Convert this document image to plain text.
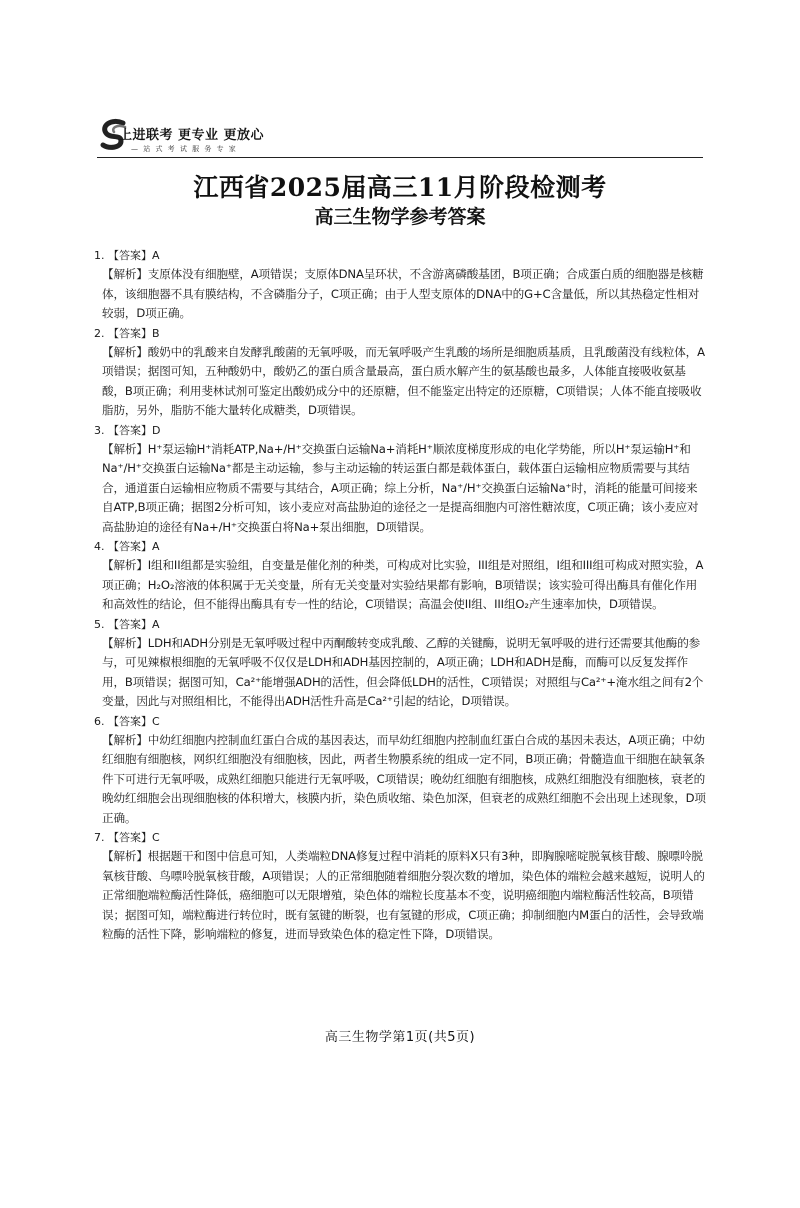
上进联考 更专业 更放心
— 站 式 考 试 服 务 专 家
江西省2025届高三11月阶段检测考
高三生物学参考答案
1. 【答案】A
【解析】支原体没有细胞壁，A项错误；支原体DNA呈环状，不含游离磷酸基团，B项正确；合成蛋白质的细胞器是核糖体，该细胞器不具有膜结构，不含磷脂分子，C项正确；由于人型支原体的DNA中的G+C含量低，所以其热稳定性相对较弱，D项正确。
2. 【答案】B
【解析】酸奶中的乳酸来自发酵乳酸菌的无氧呼吸，而无氧呼吸产生乳酸的场所是细胞质基质，且乳酸菌没有线粒体，A项错误；据图可知，五种酸奶中，酸奶乙的蛋白质含量最高，蛋白质水解产生的氨基酸也最多，人体能直接吸收氨基酸，B项正确；利用斐林试剂可鉴定出酸奶成分中的还原糖，但不能鉴定出特定的还原糖，C项错误；人体不能直接吸收脂肪，另外，脂肪不能大量转化成糖类，D项错误。
3. 【答案】D
【解析】H⁺泵运输H⁺消耗ATP,Na+/H⁺交换蛋白运输Na+消耗H⁺顺浓度梯度形成的电化学势能，所以H⁺泵运输H⁺和Na⁺/H⁺交换蛋白运输Na⁺都是主动运输，参与主动运输的转运蛋白都是载体蛋白，载体蛋白运输相应物质需要与其结合，通道蛋白运输相应物质不需要与其结合，A项正确；综上分析，Na⁺/H⁺交换蛋白运输Na⁺时，消耗的能量可间接来自ATP,B项正确；据图2分析可知，该小麦应对高盐胁迫的途径之一是提高细胞内可溶性糖浓度，C项正确；该小麦应对高盐胁迫的途径有Na+/H⁺交换蛋白将Na+泵出细胞，D项错误。
4. 【答案】A
【解析】I组和II组都是实验组，自变量是催化剂的种类，可构成对比实验，III组是对照组，I组和III组可构成对照实验，A项正确；H₂O₂溶液的体积属于无关变量，所有无关变量对实验结果都有影响，B项错误；该实验可得出酶具有催化作用和高效性的结论，但不能得出酶具有专一性的结论，C项错误；高温会使II组、III组O₂产生速率加快，D项错误。
5. 【答案】A
【解析】LDH和ADH分别是无氧呼吸过程中丙酮酸转变成乳酸、乙醇的关键酶，说明无氧呼吸的进行还需要其他酶的参与，可见辣椒根细胞的无氧呼吸不仅仅是LDH和ADH基因控制的，A项正确；LDH和ADH是酶，而酶可以反复发挥作用，B项错误；据图可知，Ca²⁺能增强ADH的活性，但会降低LDH的活性，C项错误；对照组与Ca²⁺+淹水组之间有2个变量，因此与对照组相比，不能得出ADH活性升高是Ca²⁺引起的结论，D项错误。
6. 【答案】C
【解析】中幼红细胞内控制血红蛋白合成的基因表达，而早幼红细胞内控制血红蛋白合成的基因未表达，A项正确；中幼红细胞有细胞核，网织红细胞没有细胞核，因此，两者生物膜系统的组成一定不同，B项正确；骨髓造血干细胞在缺氧条件下可进行无氧呼吸，成熟红细胞只能进行无氧呼吸，C项错误；晚幼红细胞有细胞核，成熟红细胞没有细胞核，衰老的晚幼红细胞会出现细胞核的体积增大，核膜内折，染色质收缩、染色加深，但衰老的成熟红细胞不会出现上述现象，D项正确。
7. 【答案】C
【解析】根据题干和图中信息可知，人类端粒DNA修复过程中消耗的原料X只有3种，即胸腺嘧啶脱氧核苷酸、腺嘌呤脱氧核苷酸、鸟嘌呤脱氧核苷酸，A项错误；人的正常细胞随着细胞分裂次数的增加，染色体的端粒会越来越短，说明人的正常细胞端粒酶活性降低，癌细胞可以无限增殖，染色体的端粒长度基本不变，说明癌细胞内端粒酶活性较高，B项错误；据图可知，端粒酶进行转位时，既有氢键的断裂，也有氢键的形成，C项正确；抑制细胞内M蛋白的活性，会导致端粒酶的活性下降，影响端粒的修复，进而导致染色体的稳定性下降，D项错误。
高三生物学第1页(共5页)
